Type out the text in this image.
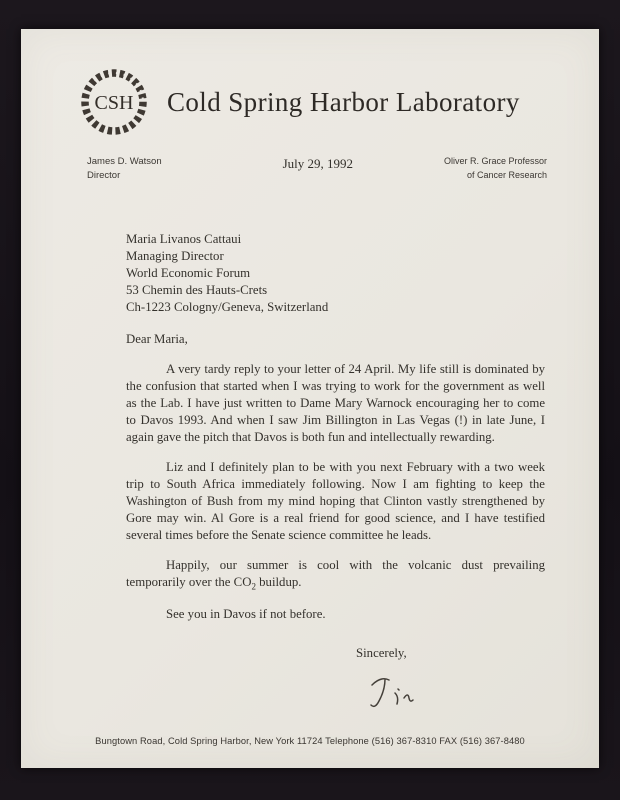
CSH Cold Spring Harbor Laboratory
James D. Watson
Director
July 29, 1992	Oliver R. Grace Professor
of Cancer Research
Maria Livanos Cattaui
Managing Director
World Economic Forum
53 Chemin des Hauts-Crets
Ch-1223 Cologny/Geneva, Switzerland
Dear Maria,
A very tardy reply to your letter of 24 April. My life still is dominated by the confusion that started when I was trying to work for the government as well as the Lab. I have just written to Dame Mary Warnock encouraging her to come to Davos 1993. And when I saw Jim Billington in Las Vegas (!) in late June, I again gave the pitch that Davos is both fun and intellectually rewarding.
Liz and I definitely plan to be with you next February with a two week trip to South Africa immediately following. Now I am fighting to keep the Washington of Bush from my mind hoping that Clinton vastly strengthened by Gore may win. Al Gore is a real friend for good science, and I have testified several times before the Senate science committee he leads.
Happily, our summer is cool with the volcanic dust prevailing temporarily over the $CO_2$ buildup.
See you in Davos if not before.
Sincerely,
Bungtown Road, Cold Spring Harbor, New York 11724 Telephone (516) 367-8310 FAX (516) 367-8480
